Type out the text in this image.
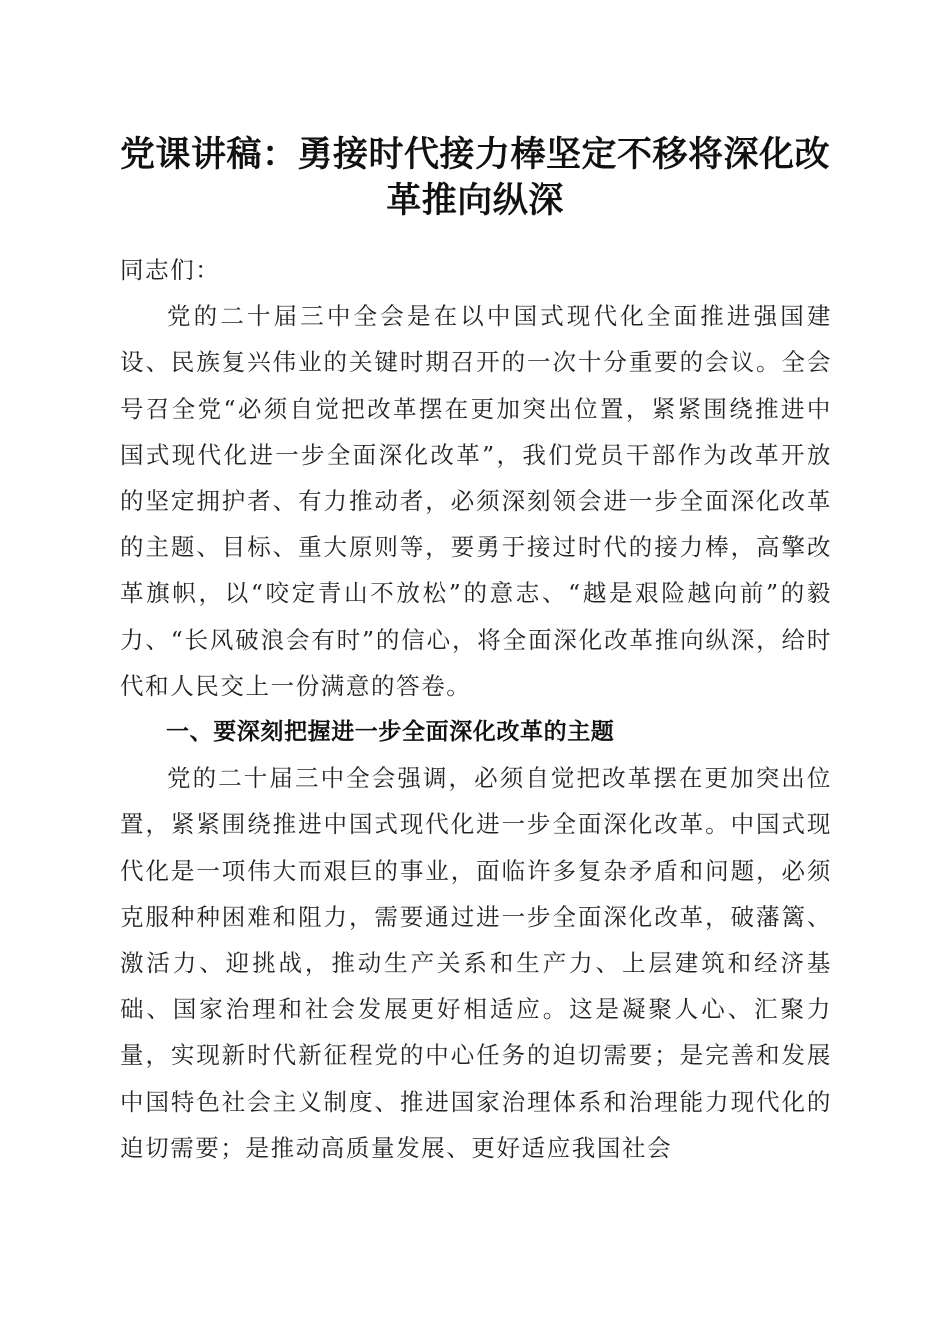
党课讲稿：勇接时代接力棒坚定不移将深化改革推向纵深

同志们：

党的二十届三中全会是在以中国式现代化全面推进强国建设、民族复兴伟业的关键时期召开的一次十分重要的会议。全会号召全党“必须自觉把改革摆在更加突出位置，紧紧围绕推进中国式现代化进一步全面深化改革”，我们党员干部作为改革开放的坚定拥护者、有力推动者，必须深刻领会进一步全面深化改革的主题、目标、重大原则等，要勇于接过时代的接力棒，高擎改革旗帜，以“咬定青山不放松”的意志、“越是艰险越向前”的毅力、“长风破浪会有时”的信心，将全面深化改革推向纵深，给时代和人民交上一份满意的答卷。

一、要深刻把握进一步全面深化改革的主题

党的二十届三中全会强调，必须自觉把改革摆在更加突出位置，紧紧围绕推进中国式现代化进一步全面深化改革。中国式现代化是一项伟大而艰巨的事业，面临许多复杂矛盾和问题，必须克服种种困难和阻力，需要通过进一步全面深化改革，破藩篱、激活力、迎挑战，推动生产关系和生产力、上层建筑和经济基础、国家治理和社会发展更好相适应。这是凝聚人心、汇聚力量，实现新时代新征程党的中心任务的迫切需要；是完善和发展中国特色社会主义制度、推进国家治理体系和治理能力现代化的迫切需要；是推动高质量发展、更好适应我国社会
